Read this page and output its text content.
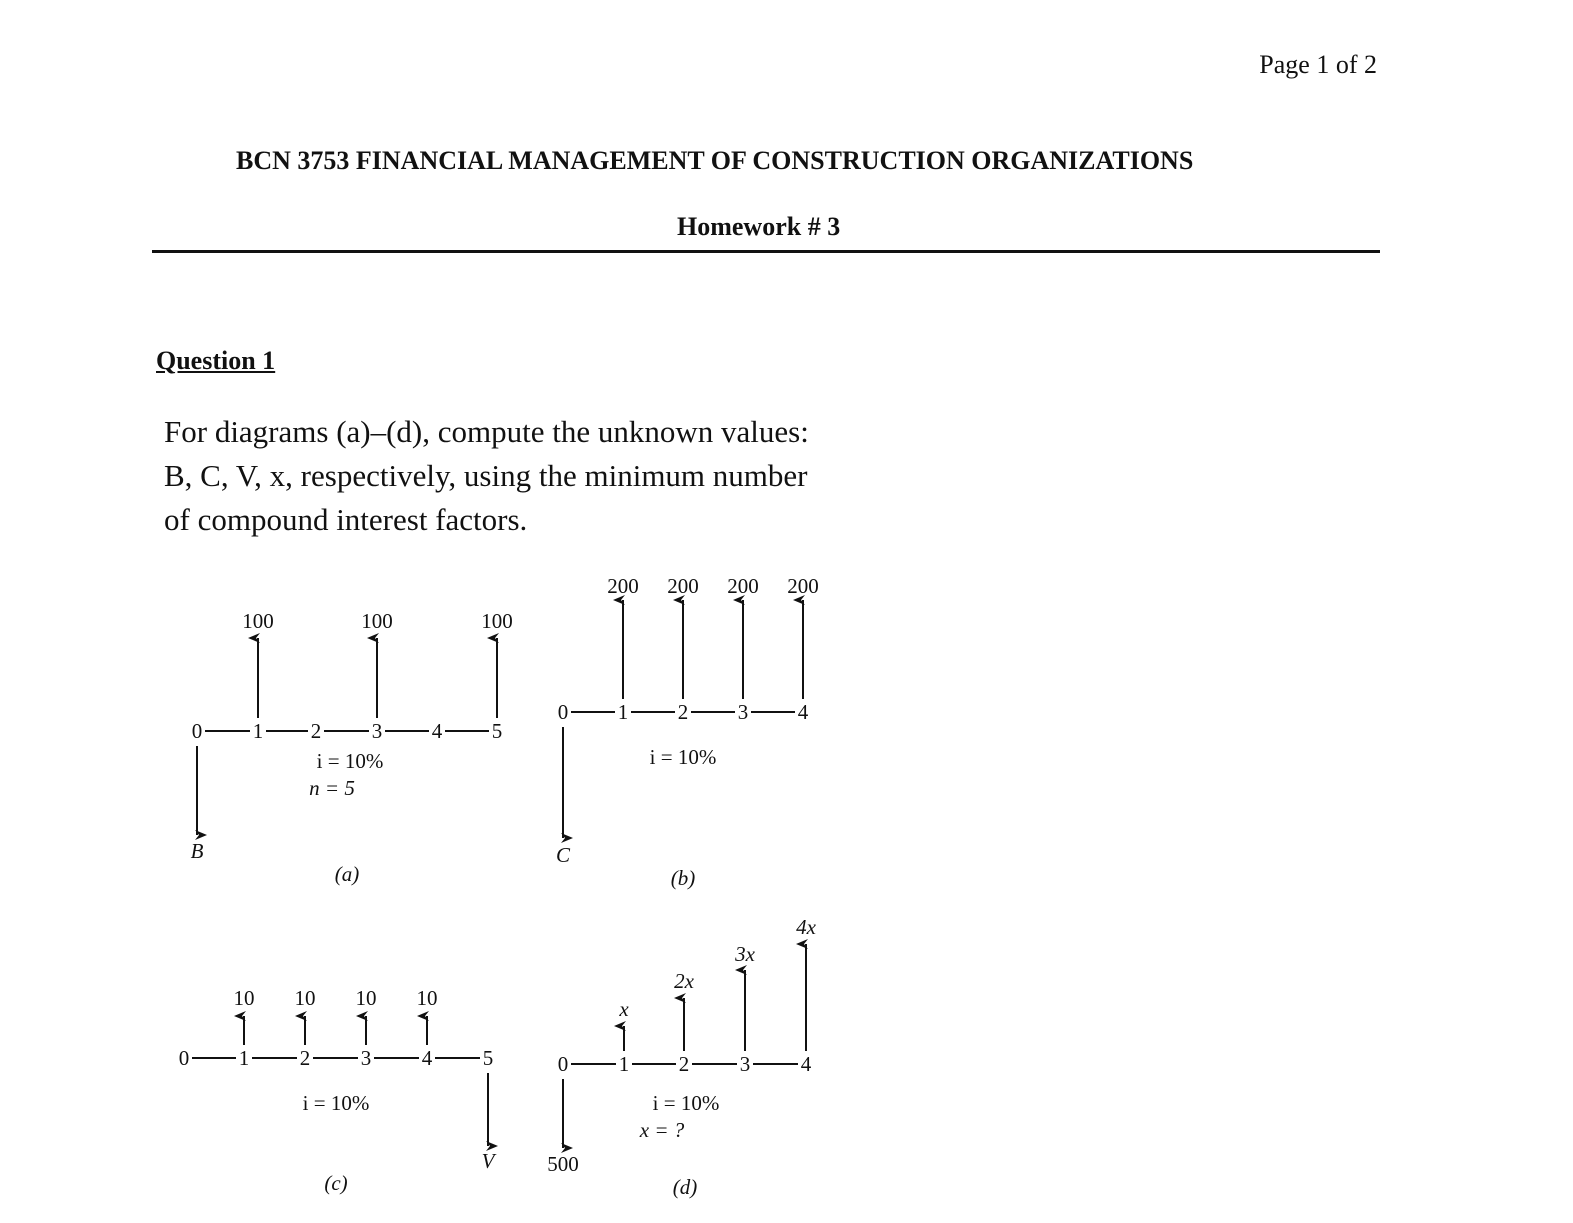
Page 1 of 2
BCN 3753 FINANCIAL MANAGEMENT OF CONSTRUCTION ORGANIZATIONS
Homework # 3
Question 1
For diagrams (a)–(d), compute the unknown values:
B, C, V, x, respectively, using the minimum number
of compound interest factors.
0 1 2 3 4 5
100	100	100
B
i = 10%
n = 5
(a)
0 1 2 3 4
200 200 200 200
C
i = 10%
(b)
0 1 2 3 4 5
10 10 10 10
V
i = 10%
(c)
0 1 2 3 4
x
2x
3x
4x
500
i = 10%
x = ?
(d)
